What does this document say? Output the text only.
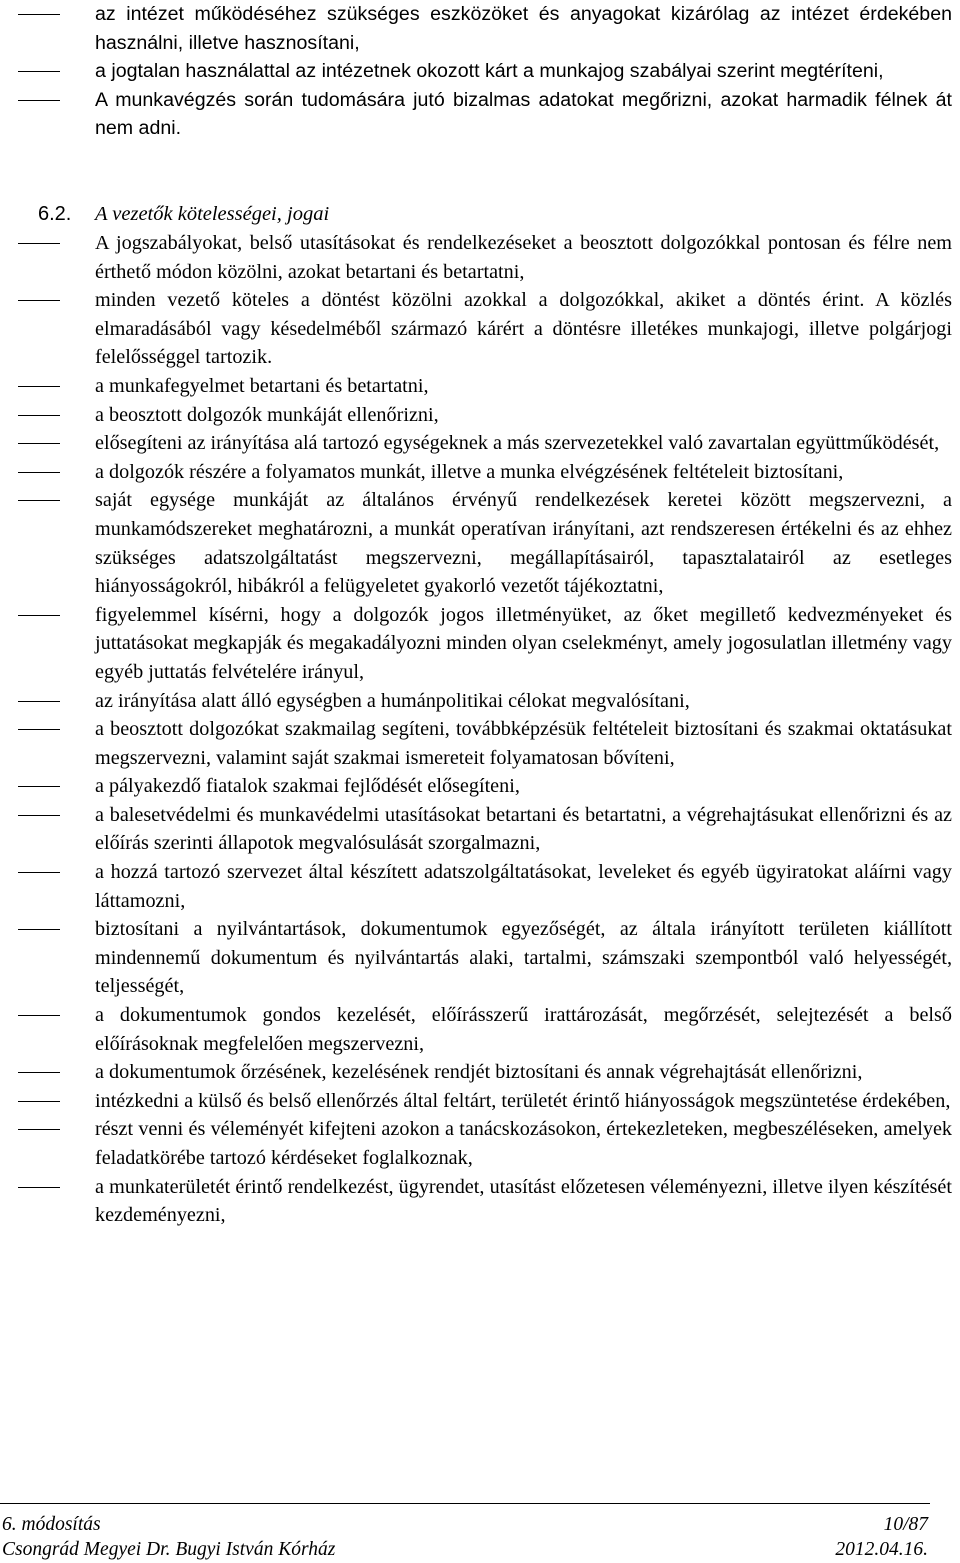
az intézet működéséhez szükséges eszközöket és anyagokat kizárólag az intézet érdekében használni, illetve hasznosítani,
a jogtalan használattal az intézetnek okozott kárt a munkajog szabályai szerint megtéríteni,
A munkavégzés során tudomására jutó bizalmas adatokat megőrizni, azokat harmadik félnek át nem adni.
6.2. A vezetők kötelességei, jogai
A jogszabályokat, belső utasításokat és rendelkezéseket a beosztott dolgozókkal pontosan és félre nem érthető módon közölni, azokat betartani és betartatni,
minden vezető köteles a döntést közölni azokkal a dolgozókkal, akiket a döntés érint. A közlés elmaradásából vagy késedelméből származó kárért a döntésre illetékes munkajogi, illetve polgárjogi felelősséggel tartozik.
a munkafegyelmet betartani és betartatni,
a beosztott dolgozók munkáját ellenőrizni,
elősegíteni az irányítása alá tartozó egységeknek a más szervezetekkel való zavartalan együttműködését,
a dolgozók részére a folyamatos munkát, illetve a munka elvégzésének feltételeit biztosítani,
saját egysége munkáját az általános érvényű rendelkezések keretei között megszervezni, a munkamódszereket meghatározni, a munkát operatívan irányítani, azt rendszeresen értékelni és az ehhez szükséges adatszolgáltatást megszervezni, megállapításairól, tapasztalatairól az esetleges hiányosságokról, hibákról a felügyeletet gyakorló vezetőt tájékoztatni,
figyelemmel kísérni, hogy a dolgozók jogos illetményüket, az őket megillető kedvezményeket és juttatásokat megkapják és megakadályozni minden olyan cselekményt, amely jogosulatlan illetmény vagy egyéb juttatás felvételére irányul,
az irányítása alatt álló egységben a humánpolitikai célokat megvalósítani,
a beosztott dolgozókat szakmailag segíteni, továbbképzésük feltételeit biztosítani és szakmai oktatásukat megszervezni, valamint saját szakmai ismereteit folyamatosan bővíteni,
a pályakezdő fiatalok szakmai fejlődését elősegíteni,
a balesetvédelmi és munkavédelmi utasításokat betartani és betartatni, a végrehajtásukat ellenőrizni és az előírás szerinti állapotok megvalósulását szorgalmazni,
a hozzá tartozó szervezet által készített adatszolgáltatásokat, leveleket és egyéb ügyiratokat aláírni vagy láttamozni,
biztosítani a nyilvántartások, dokumentumok egyezőségét, az általa irányított területen kiállított mindennemű dokumentum és nyilvántartás alaki, tartalmi, számszaki szempontból való helyességét, teljességét,
a dokumentumok gondos kezelését, előírásszerű irattározását, megőrzését, selejtezését a belső előírásoknak megfelelően megszervezni,
a dokumentumok őrzésének, kezelésének rendjét biztosítani és annak végrehajtását ellenőrizni,
intézkedni a külső és belső ellenőrzés által feltárt, területét érintő hiányosságok megszüntetése érdekében,
részt venni és véleményét kifejteni azokon a tanácskozásokon, értekezleteken, megbeszéléseken, amelyek feladatkörébe tartozó kérdéseket foglalkoznak,
a munkaterületét érintő rendelkezést, ügyrendet, utasítást előzetesen véleményezni, illetve ilyen készítését kezdeményezni,
6. módosítás	10/87
Csongrád Megyei Dr. Bugyi István Kórház	2012.04.16.
